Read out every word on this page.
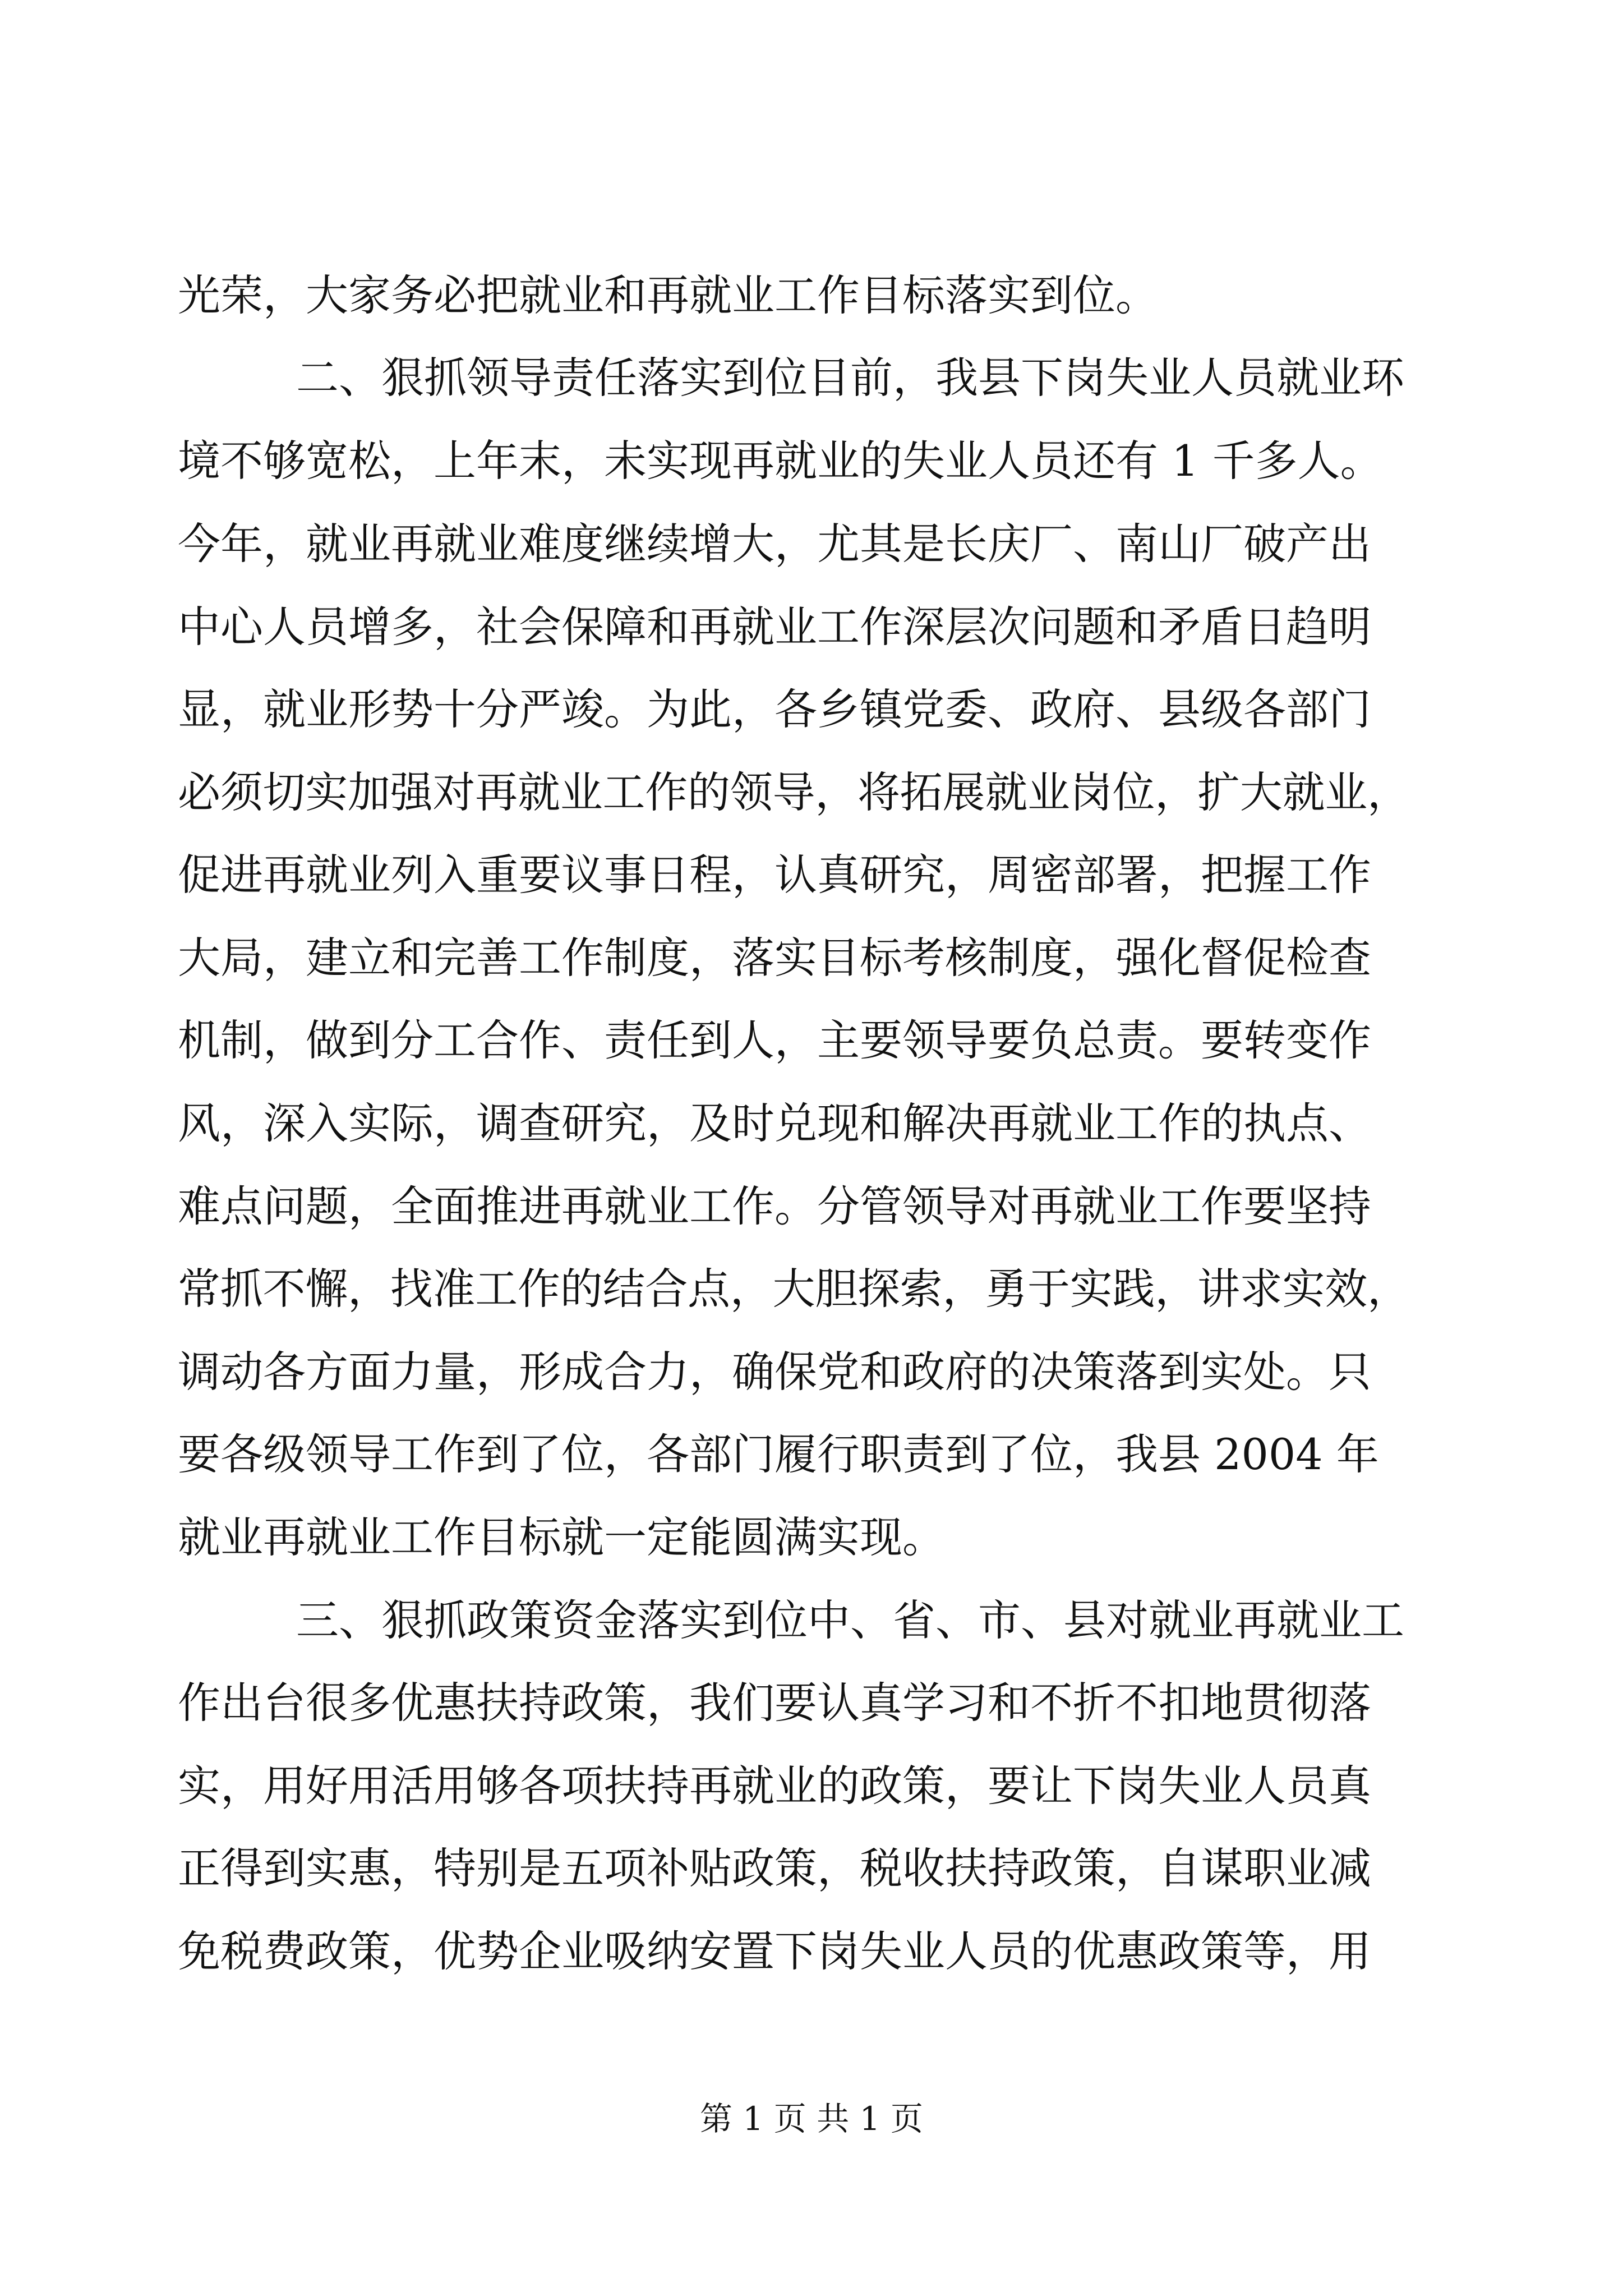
光荣，大家务必把就业和再就业工作目标落实到位。
二、狠抓领导责任落实到位目前，我县下岗失业人员就业环
境不够宽松，上年末，未实现再就业的失业人员还有 1 千多人。
今年，就业再就业难度继续增大，尤其是长庆厂、南山厂破产出
中心人员增多，社会保障和再就业工作深层次问题和矛盾日趋明
显，就业形势十分严竣。为此，各乡镇党委、政府、县级各部门
必须切实加强对再就业工作的领导，将拓展就业岗位，扩大就业，
促进再就业列入重要议事日程，认真研究，周密部署，把握工作
大局，建立和完善工作制度，落实目标考核制度，强化督促检查
机制，做到分工合作、责任到人，主要领导要负总责。要转变作
风，深入实际，调查研究，及时兑现和解决再就业工作的执点、
难点问题，全面推进再就业工作。分管领导对再就业工作要坚持
常抓不懈，找准工作的结合点，大胆探索，勇于实践，讲求实效，
调动各方面力量，形成合力，确保党和政府的决策落到实处。只
要各级领导工作到了位，各部门履行职责到了位，我县 2004 年
就业再就业工作目标就一定能圆满实现。
三、狠抓政策资金落实到位中、省、市、县对就业再就业工
作出台很多优惠扶持政策，我们要认真学习和不折不扣地贯彻落
实，用好用活用够各项扶持再就业的政策，要让下岗失业人员真
正得到实惠，特别是五项补贴政策，税收扶持政策，自谋职业减
免税费政策，优势企业吸纳安置下岗失业人员的优惠政策等，用
第 1 页 共 1 页
